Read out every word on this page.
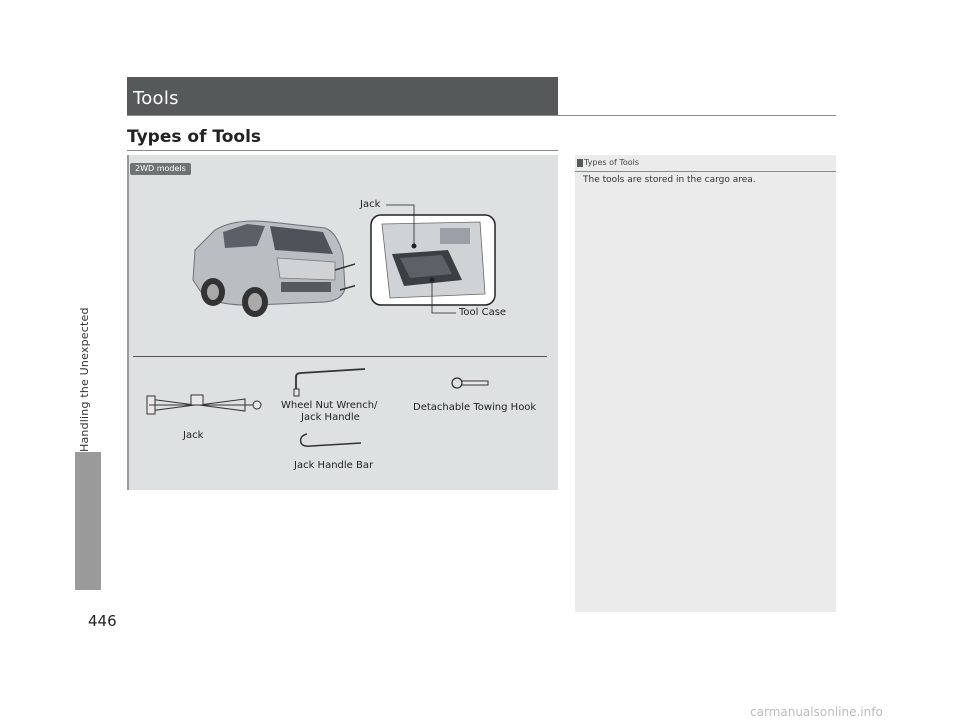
Handling the Unexpected
446
Tools
Types of Tools
2WD models
Jack
Tool Case
Jack
Wheel Nut Wrench/
Jack Handle
Detachable Towing Hook
Jack Handle Bar
Types of Tools
The tools are stored in the cargo area.
carmanualsonline.info
